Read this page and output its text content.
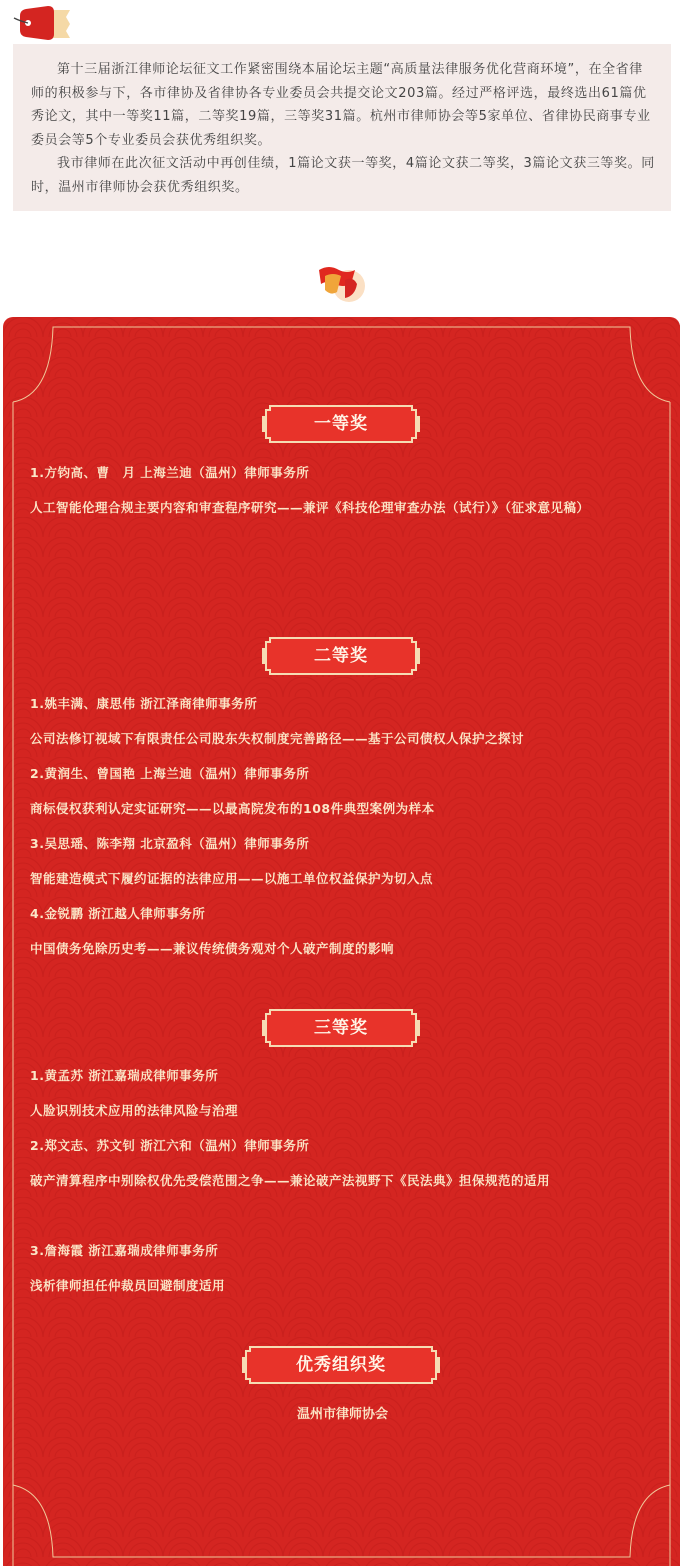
第十三届浙江律师论坛征文工作紧密围绕本届论坛主题“高质量法律服务优化营商环境”，在全省律师的积极参与下，各市律协及省律协各专业委员会共提交论文203篇。经过严格评选，最终选出61篇优秀论文，其中一等奖11篇，二等奖19篇，三等奖31篇。杭州市律师协会等5家单位、省律协民商事专业委员会等5个专业委员会获优秀组织奖。

我市律师在此次征文活动中再创佳绩，1篇论文获一等奖，4篇论文获二等奖，3篇论文获三等奖。同时，温州市律师协会获优秀组织奖。

一等奖
1.方钧高、曹　月 上海兰迪（温州）律师事务所
人工智能伦理合规主要内容和审查程序研究——兼评《科技伦理审查办法（试行）》（征求意见稿）
二等奖
1.姚丰满、康思伟 浙江泽商律师事务所
公司法修订视域下有限责任公司股东失权制度完善路径——基于公司债权人保护之探讨
2.黄润生、曾国艳 上海兰迪（温州）律师事务所
商标侵权获利认定实证研究——以最高院发布的108件典型案例为样本
3.吴思瑶、陈李翔 北京盈科（温州）律师事务所
智能建造模式下履约证据的法律应用——以施工单位权益保护为切入点
4.金锐鹏 浙江越人律师事务所
中国债务免除历史考——兼议传统债务观对个人破产制度的影响
三等奖
1.黄孟苏 浙江嘉瑞成律师事务所
人脸识别技术应用的法律风险与治理
2.郑文志、苏文钊 浙江六和（温州）律师事务所
破产清算程序中别除权优先受偿范围之争——兼论破产法视野下《民法典》担保规范的适用
3.詹海霞 浙江嘉瑞成律师事务所
浅析律师担任仲裁员回避制度适用
优秀组织奖
温州市律师协会
